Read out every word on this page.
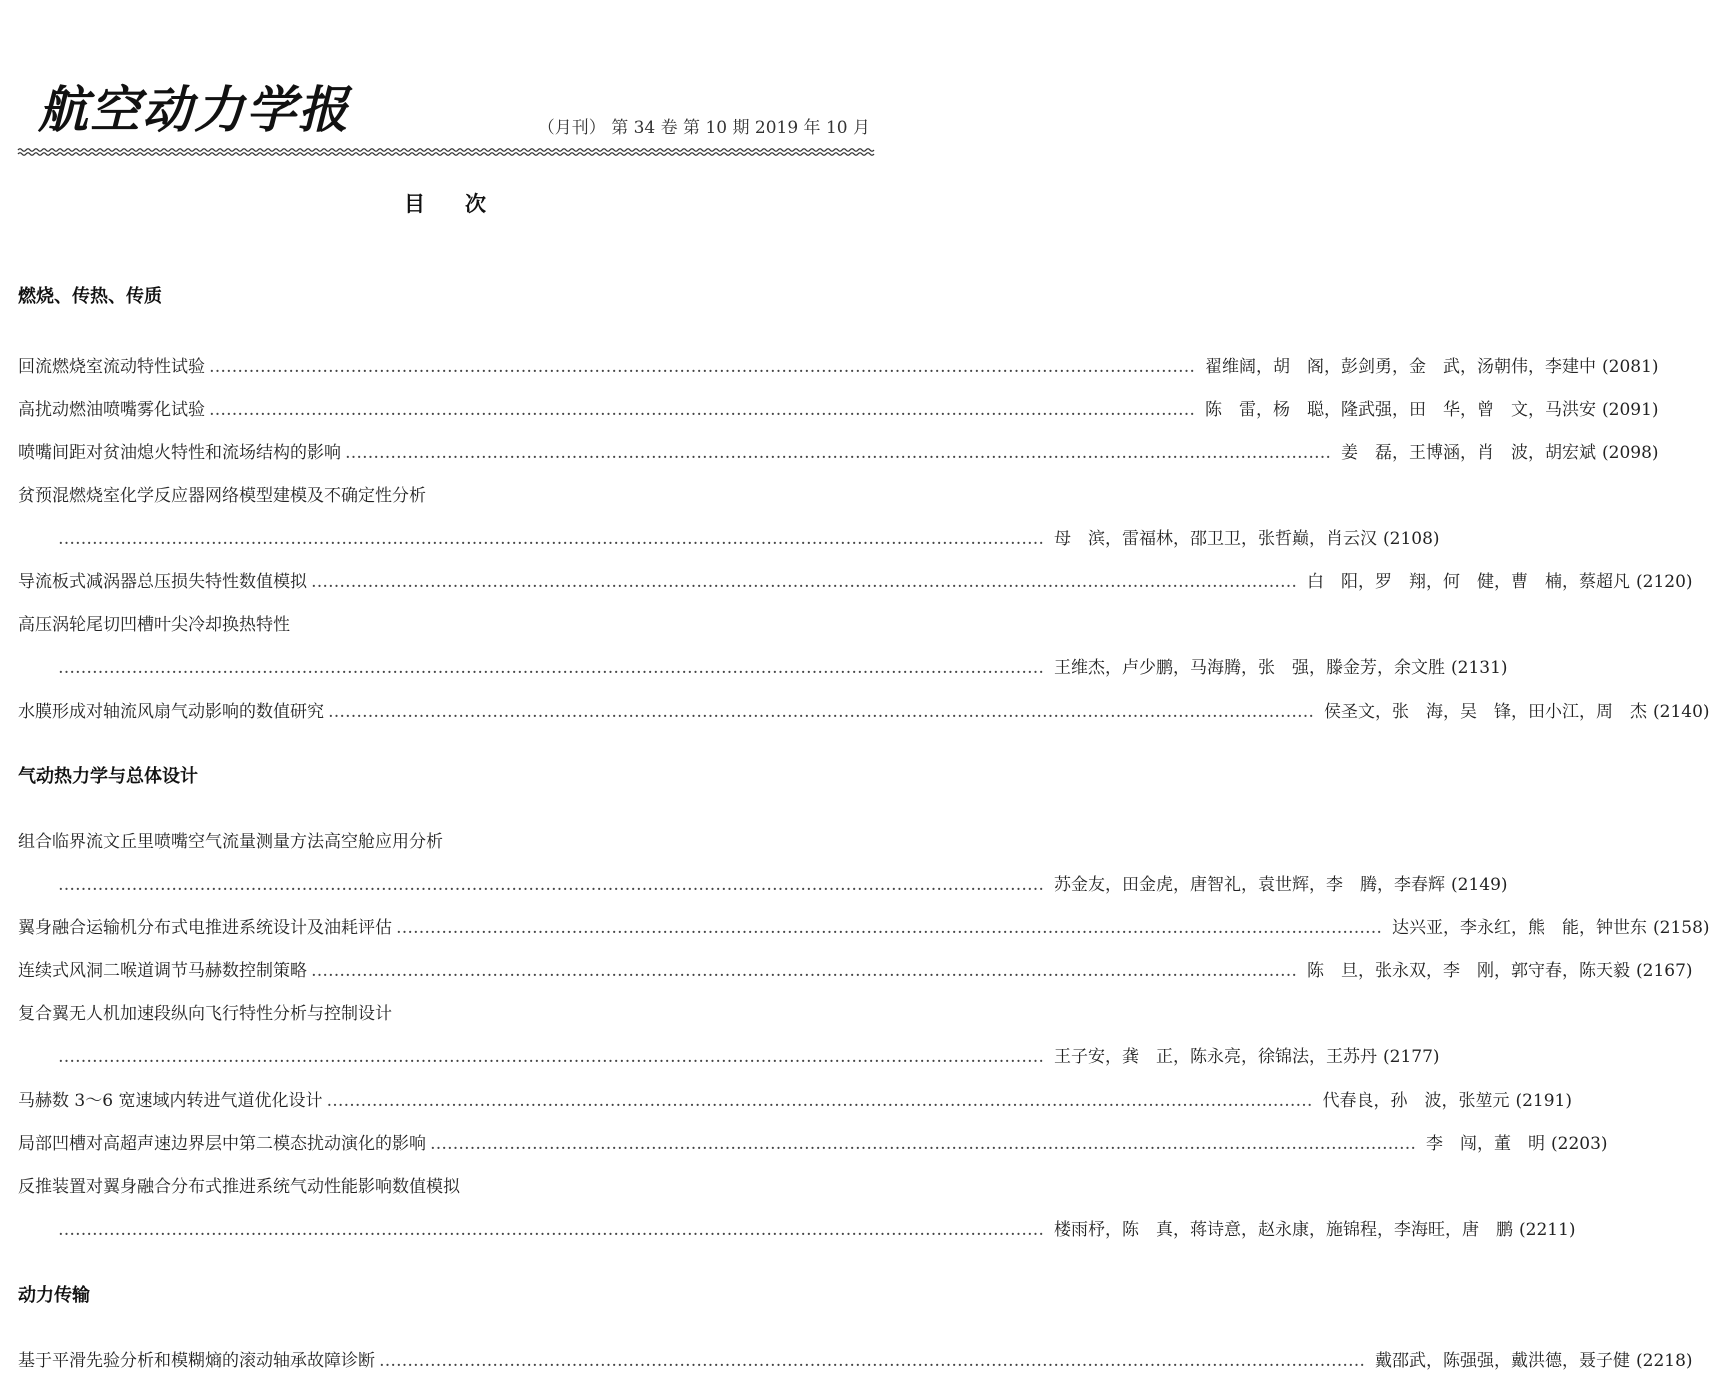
航空动力学报	（月刊） 第 34 卷 第 10 期 2019 年 10 月
目次
燃烧、传热、传质
回流燃烧室流动特性试验 ………………………………………………………………………………………………………………………………………………………… 翟维阔，胡　阁，彭剑勇，金　武，汤朝伟，李建中 (2081)
高扰动燃油喷嘴雾化试验 ………………………………………………………………………………………………………………………………………………………… 陈　雷，杨　聪，隆武强，田　华，曾　文，马洪安 (2091)
喷嘴间距对贫油熄火特性和流场结构的影响 ………………………………………………………………………………………………………………………………………………………… 姜　磊，王博涵，肖　波，胡宏斌 (2098)
贫预混燃烧室化学反应器网络模型建模及不确定性分析
………………………………………………………………………………………………………………………………………………………… 母　滨，雷福林，邵卫卫，张哲巅，肖云汉 (2108)
导流板式减涡器总压损失特性数值模拟 ………………………………………………………………………………………………………………………………………………………… 白　阳，罗　翔，何　健，曹　楠，蔡超凡 (2120)
高压涡轮尾切凹槽叶尖冷却换热特性
………………………………………………………………………………………………………………………………………………………… 王维杰，卢少鹏，马海腾，张　强，滕金芳，余文胜 (2131)
水膜形成对轴流风扇气动影响的数值研究 ………………………………………………………………………………………………………………………………………………………… 侯圣文，张　海，吴　锋，田小江，周　杰 (2140)
气动热力学与总体设计
组合临界流文丘里喷嘴空气流量测量方法高空舱应用分析
………………………………………………………………………………………………………………………………………………………… 苏金友，田金虎，唐智礼，袁世辉，李　腾，李春辉 (2149)
翼身融合运输机分布式电推进系统设计及油耗评估 ………………………………………………………………………………………………………………………………………………………… 达兴亚，李永红，熊　能，钟世东 (2158)
连续式风洞二喉道调节马赫数控制策略 ………………………………………………………………………………………………………………………………………………………… 陈　旦，张永双，李　刚，郭守春，陈天毅 (2167)
复合翼无人机加速段纵向飞行特性分析与控制设计
………………………………………………………………………………………………………………………………………………………… 王子安，龚　正，陈永亮，徐锦法，王苏丹 (2177)
马赫数 3～6 宽速域内转进气道优化设计 ………………………………………………………………………………………………………………………………………………………… 代春良，孙　波，张堃元 (2191)
局部凹槽对高超声速边界层中第二模态扰动演化的影响 ………………………………………………………………………………………………………………………………………………………… 李　闯，董　明 (2203)
反推装置对翼身融合分布式推进系统气动性能影响数值模拟
………………………………………………………………………………………………………………………………………………………… 楼雨杼，陈　真，蒋诗意，赵永康，施锦程，李海旺，唐　鹏 (2211)
动力传输
基于平滑先验分析和模糊熵的滚动轴承故障诊断 ………………………………………………………………………………………………………………………………………………………… 戴邵武，陈强强，戴洪德，聂子健 (2218)
